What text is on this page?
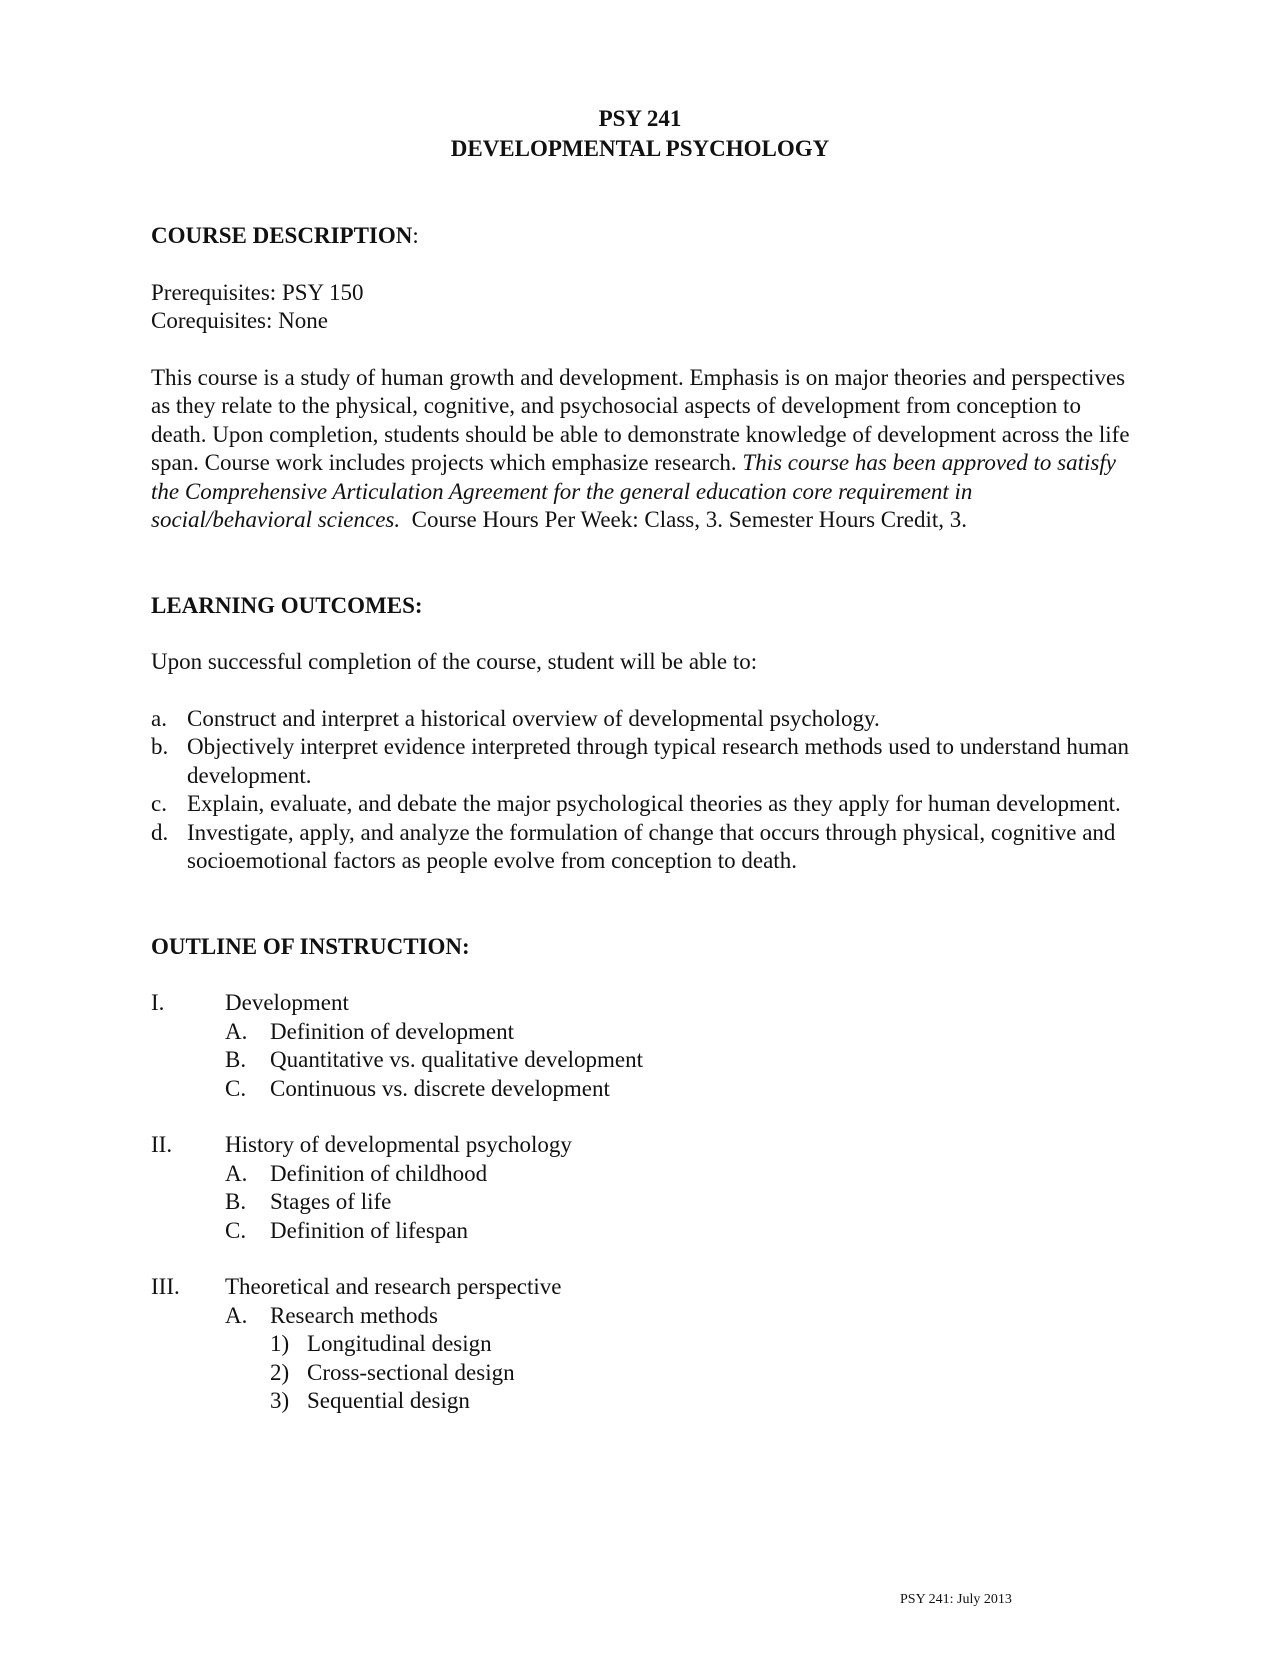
PSY 241
DEVELOPMENTAL PSYCHOLOGY
COURSE DESCRIPTION:

Prerequisites: PSY 150

Corequisites: None

This course is a study of human growth and development. Emphasis is on major theories and perspectives as they relate to the physical, cognitive, and psychosocial aspects of development from conception to death. Upon completion, students should be able to demonstrate knowledge of development across the life span. Course work includes projects which emphasize research. This course has been approved to satisfy the Comprehensive Articulation Agreement for the general education core requirement in social/behavioral sciences. Course Hours Per Week: Class, 3. Semester Hours Credit, 3.

LEARNING OUTCOMES:

Upon successful completion of the course, student will be able to:

a. Construct and interpret a historical overview of developmental psychology.
b. Objectively interpret evidence interpreted through typical research methods used to understand human development.
c. Explain, evaluate, and debate the major psychological theories as they apply for human development.
d. Investigate, apply, and analyze the formulation of change that occurs through physical, cognitive and socioemotional factors as people evolve from conception to death.
OUTLINE OF INSTRUCTION:
I.	Development
A. Definition of development
B.	Quantitative vs. qualitative development
C.	Continuous vs. discrete development
II.	History of developmental psychology
A. Definition of childhood
B.	Stages of life
C.	Definition of lifespan
III.	Theoretical and research perspective
A. Research methods
1) Longitudinal design
2) Cross-sectional design
3) Sequential design
PSY 241: July 2013
